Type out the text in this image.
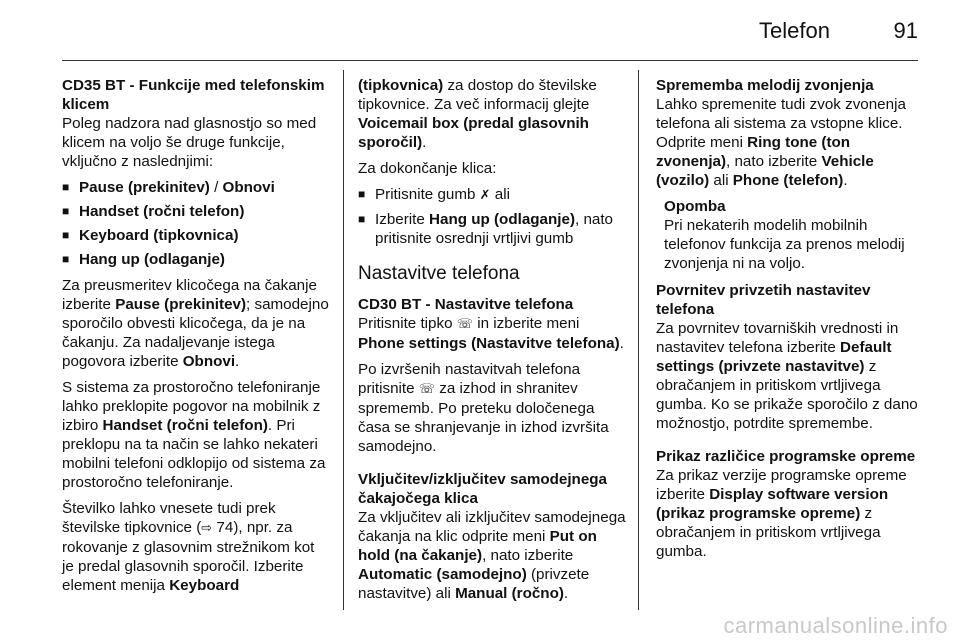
Telefon	91

CD35 BT - Funkcije med telefonskim klicem

Poleg nadzora nad glasnostjo so med klicem na voljo še druge funkcije, vključno z naslednjimi:

■ Pause (prekinitev) / Obnovi
■ Handset (ročni telefon)
■ Keyboard (tipkovnica)
■ Hang up (odlaganje)

Za preusmeritev klicočega na čakanje izberite Pause (prekinitev); samodejno sporočilo obvesti klicočega, da je na čakanju. Za nadaljevanje istega pogovora izberite Obnovi.

S sistema za prostoročno telefoniranje lahko preklopite pogovor na mobilnik z izbiro Handset (ročni telefon). Pri preklopu na ta način se lahko nekateri mobilni telefoni odklopijo od sistema za prostoročno telefoniranje.

Številko lahko vnesete tudi prek številske tipkovnice (⇨ 74), npr. za rokovanje z glasovnim strežnikom kot je predal glasovnih sporočil. Izberite element menija Keyboard

(tipkovnica) za dostop do številske tipkovnice. Za več informacij glejte Voicemail box (predal glasovnih sporočil).

Za dokončanje klica:

■ Pritisnite gumb ✗ ali
■ Izberite Hang up (odlaganje), nato pritisnite osrednji vrtljivi gumb
Nastavitve telefona

CD30 BT - Nastavitve telefona

Pritisnite tipko ☏ in izberite meni Phone settings (Nastavitve telefona).

Po izvršenih nastavitvah telefona pritisnite ☏ za izhod in shranitev sprememb. Po preteku določenega časa se shranjevanje in izhod izvršita samodejno.

Vključitev/izključitev samodejnega čakajočega klica

Za vključitev ali izključitev samodejnega čakanja na klic odprite meni Put on hold (na čakanje), nato izberite Automatic (samodejno) (privzete nastavitve) ali Manual (ročno).

Sprememba melodij zvonjenja

Lahko spremenite tudi zvok zvonenja telefona ali sistema za vstopne klice. Odprite meni Ring tone (ton zvonenja), nato izberite Vehicle (vozilo) ali Phone (telefon).

Opomba
Pri nekaterih modelih mobilnih telefonov funkcija za prenos melodij zvonjenja ni na voljo.

Povrnitev privzetih nastavitev telefona

Za povrnitev tovarniških vrednosti in nastavitev telefona izberite Default settings (privzete nastavitve) z obračanjem in pritiskom vrtljivega gumba. Ko se prikaže sporočilo z dano možnostjo, potrdite spremembe.

Prikaz različice programske opreme

Za prikaz verzije programske opreme izberite Display software version (prikaz programske opreme) z obračanjem in pritiskom vrtljivega gumba.

carmanualsonline.info
